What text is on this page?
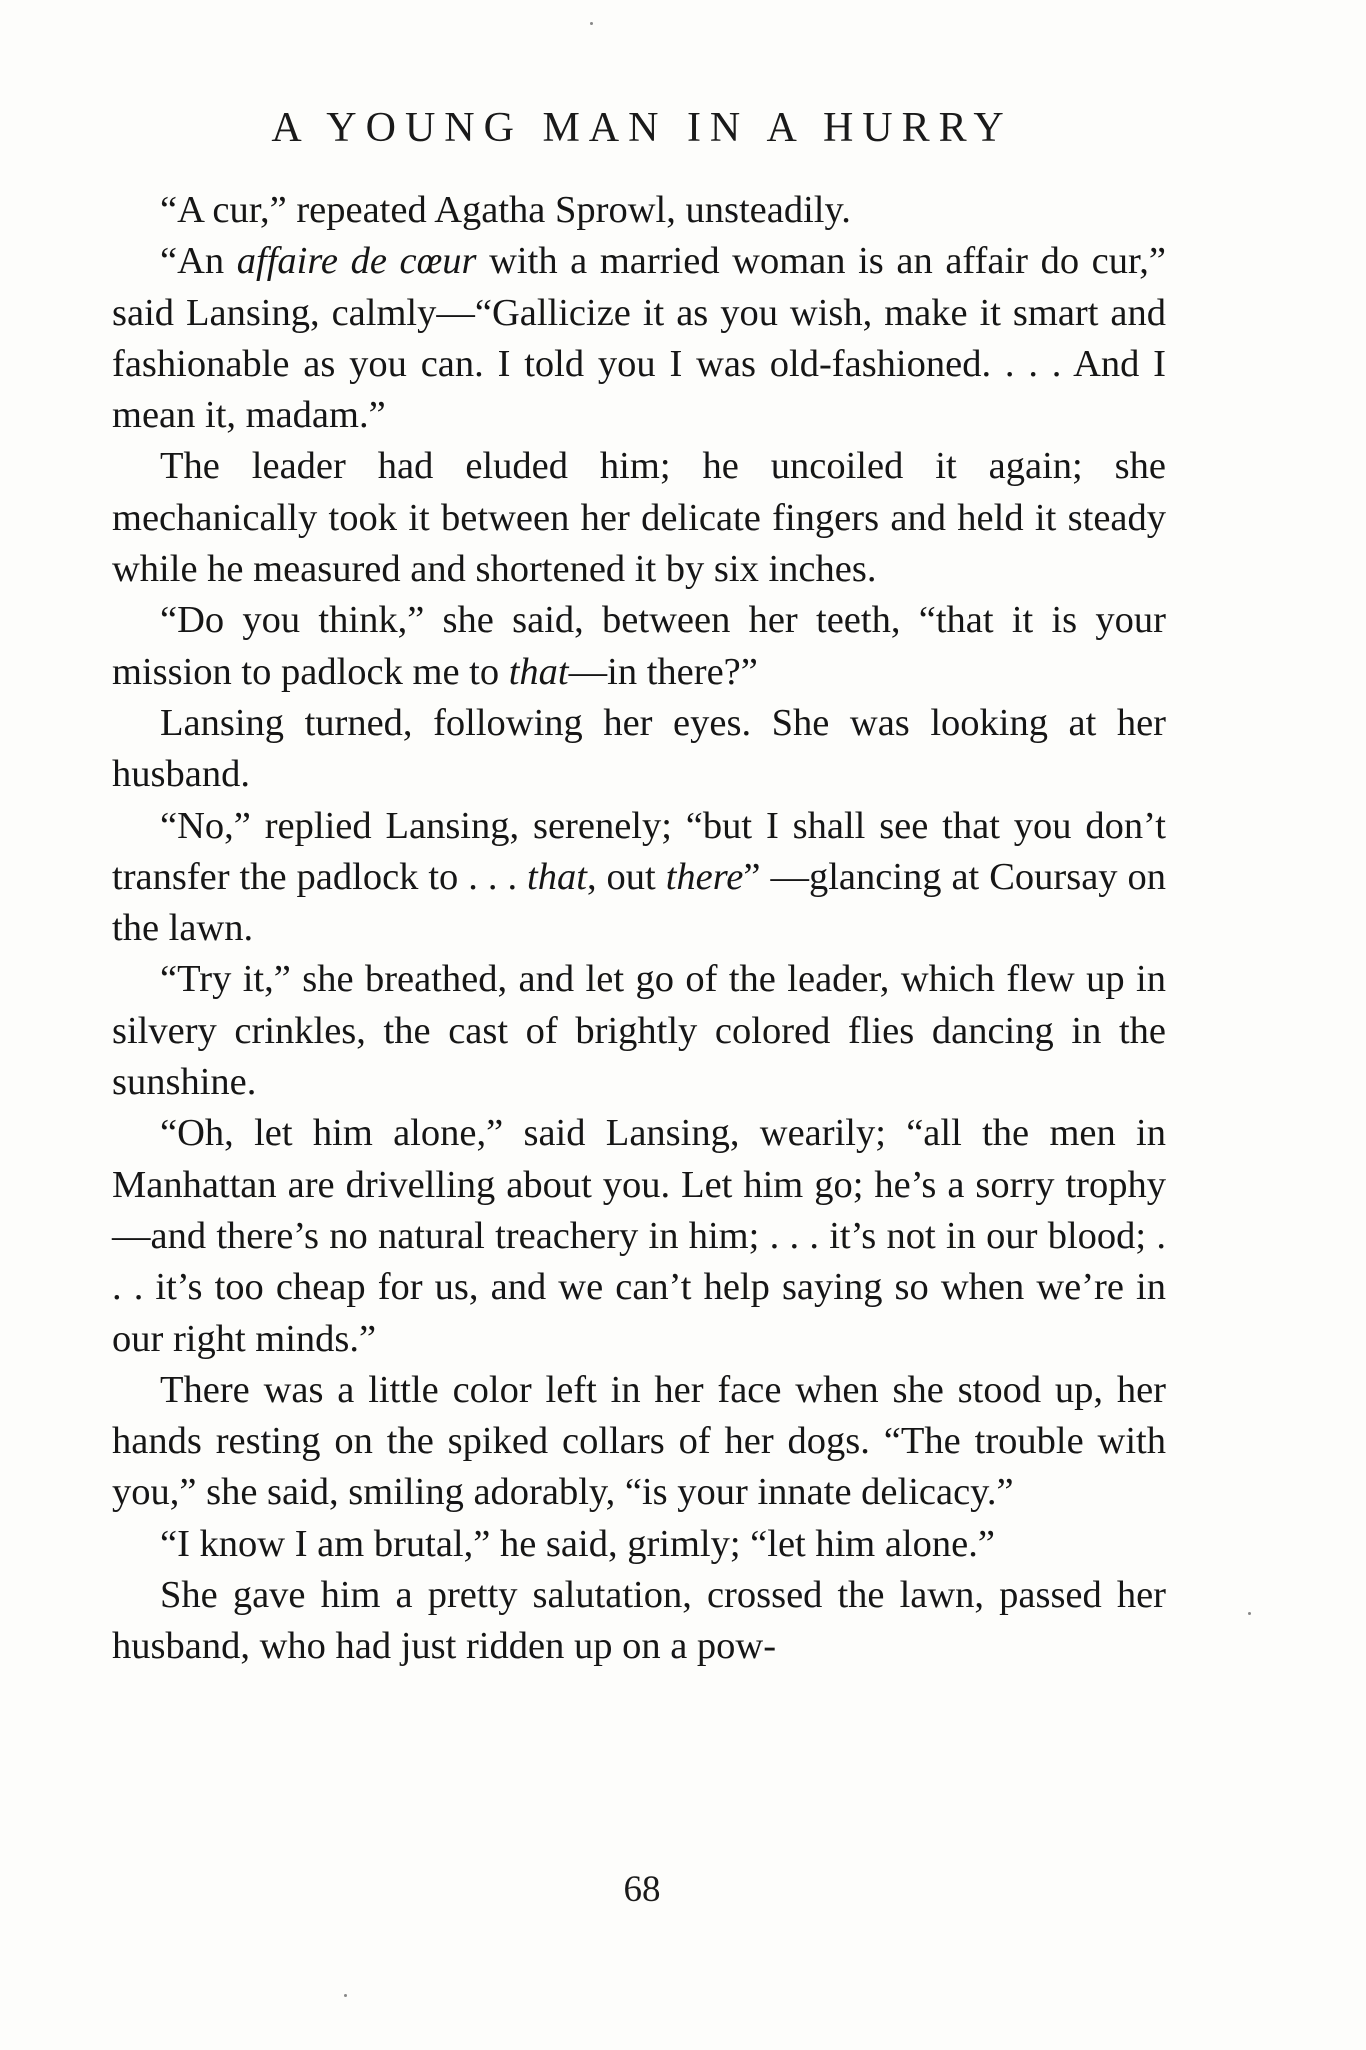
A YOUNG MAN IN A HURRY

“A cur,” repeated Agatha Sprowl, unsteadily.

“An affaire de cœur with a married woman is an affair do cur,” said Lansing, calmly—“Gallicize it as you wish, make it smart and fashionable as you can. I told you I was old-fashioned. . . . And I mean it, madam.”

The leader had eluded him; he uncoiled it again; she mechanically took it between her delicate fingers and held it steady while he measured and shortened it by six inches.

“Do you think,” she said, between her teeth, “that it is your mission to padlock me to that—in there?”

Lansing turned, following her eyes. She was looking at her husband.

“No,” replied Lansing, serenely; “but I shall see that you don’t transfer the padlock to . . . that, out there” —glancing at Coursay on the lawn.

“Try it,” she breathed, and let go of the leader, which flew up in silvery crinkles, the cast of brightly colored flies dancing in the sunshine.

“Oh, let him alone,” said Lansing, wearily; “all the men in Manhattan are drivelling about you. Let him go; he’s a sorry trophy—and there’s no natural treachery in him; . . . it’s not in our blood; . . . it’s too cheap for us, and we can’t help saying so when we’re in our right minds.”

There was a little color left in her face when she stood up, her hands resting on the spiked collars of her dogs. “The trouble with you,” she said, smiling adorably, “is your innate delicacy.”

“I know I am brutal,” he said, grimly; “let him alone.”

She gave him a pretty salutation, crossed the lawn, passed her husband, who had just ridden up on a pow-

68
